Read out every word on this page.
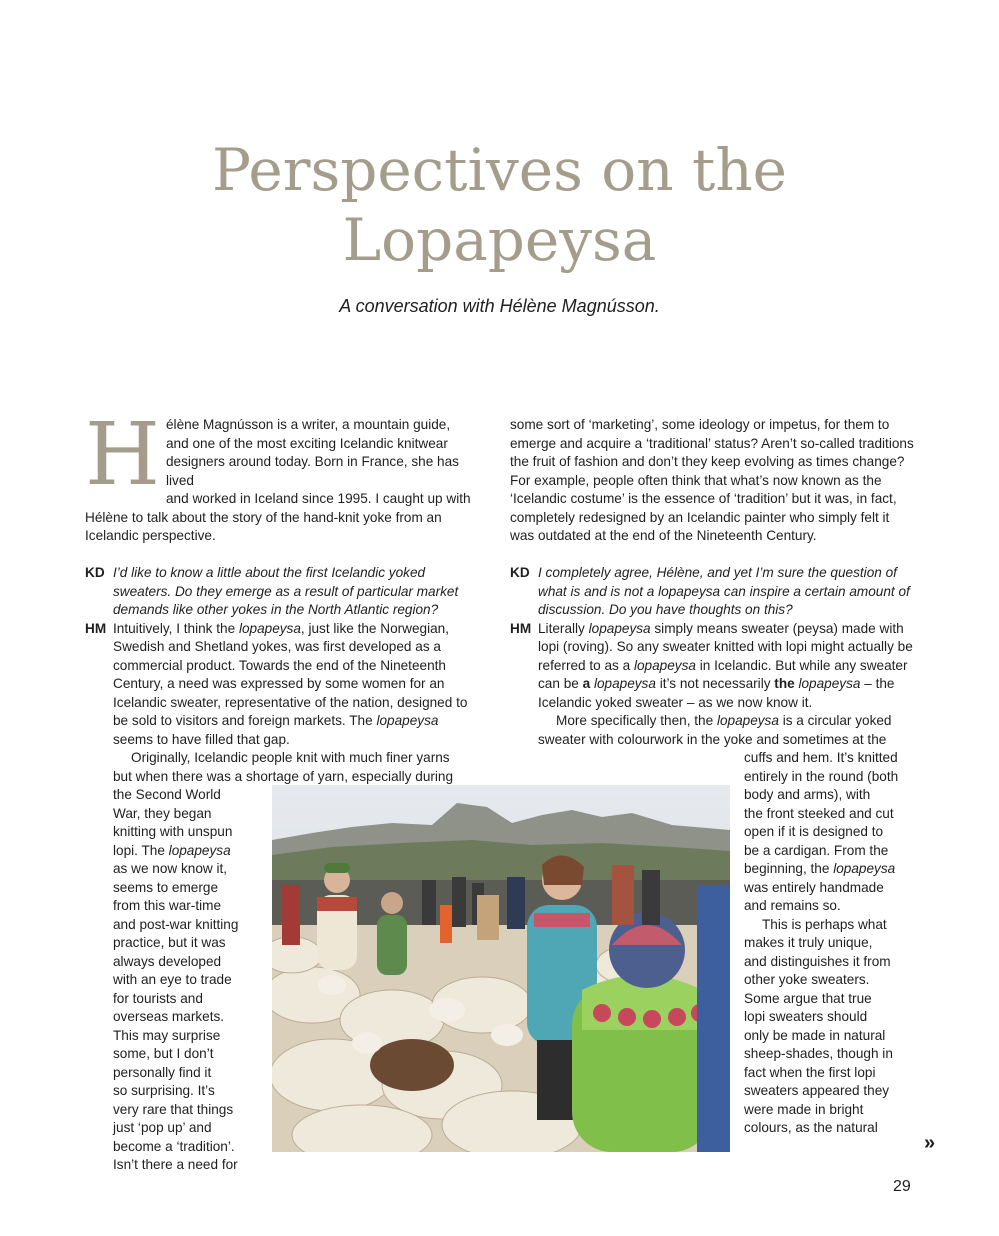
Perspectives on the
Lopapeysa

A conversation with Hélène Magnússon.

H élène Magnússon is a writer, a mountain guide,
and one of the most exciting Icelandic knitwear
designers around today. Born in France, she has lived
and worked in Iceland since 1995. I caught up with

Hélène to talk about the story of the hand-knit yoke from an Icelandic perspective.

KD I’d like to know a little about the first Icelandic yoked sweaters. Do they emerge as a result of particular market demands like other yokes in the North Atlantic region?

HM Intuitively, I think the lopapeysa, just like the Norwegian, Swedish and Shetland yokes, was first developed as a commercial product. Towards the end of the Nineteenth Century, a need was expressed by some women for an Icelandic sweater, representative of the nation, designed to be sold to visitors and foreign markets. The lopapeysa seems to have filled that gap.

Originally, Icelandic people knit with much finer yarns
but when there was a shortage of yarn, especially during
the Second World
War, they began
knitting with unspun
lopi. The lopapeysa
as we now know it,
seems to emerge
from this war-time
and post-war knitting
practice, but it was
always developed
with an eye to trade
for tourists and
overseas markets.
This may surprise
some, but I don’t
personally find it
so surprising. It’s
very rare that things
just ‘pop up’ and
become a ‘tradition’.
Isn’t there a need for

some sort of ‘marketing’, some ideology or impetus, for them to emerge and acquire a ‘traditional’ status? Aren’t so-called traditions the fruit of fashion and don’t they keep evolving as times change? For example, people often think that what’s now known as the ‘Icelandic costume’ is the essence of ‘tradition’ but it was, in fact, completely redesigned by an Icelandic painter who simply felt it was outdated at the end of the Nineteenth Century.

KD I completely agree, Hélène, and yet I’m sure the question of what is and is not a lopapeysa can inspire a certain amount of discussion. Do you have thoughts on this?

HM Literally lopapeysa simply means sweater (peysa) made with lopi (roving). So any sweater knitted with lopi might actually be referred to as a lopapeysa in Icelandic. But while any sweater can be a lopapeysa it’s not necessarily the lopapeysa – the Icelandic yoked sweater – as we now know it.

More specifically then, the lopapeysa is a circular yoked sweater with colourwork in the yoke and sometimes at the

cuffs and hem. It’s knitted
entirely in the round (both
body and arms), with
the front steeked and cut
open if it is designed to
be a cardigan. From the
beginning, the lopapeysa
was entirely handmade
and remains so.
This is perhaps what
makes it truly unique,
and distinguishes it from
other yoke sweaters.
Some argue that true
lopi sweaters should
only be made in natural
sheep-shades, though in
fact when the first lopi
sweaters appeared they
were made in bright
colours, as the natural
»
29
